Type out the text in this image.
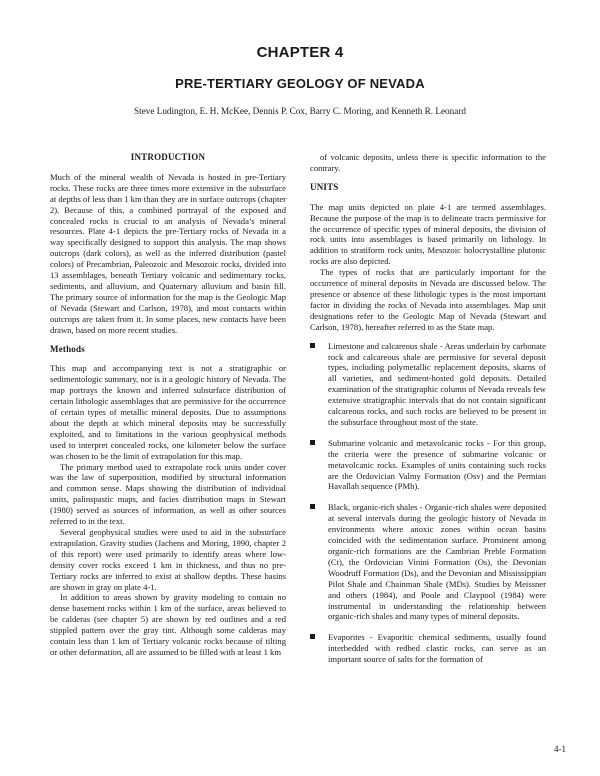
CHAPTER 4
PRE-TERTIARY GEOLOGY OF NEVADA
Steve Ludington, E. H. McKee, Dennis P. Cox, Barry C. Moring, and Kenneth R. Leonard
INTRODUCTION

Much of the mineral wealth of Nevada is hosted in pre-Tertiary rocks. These rocks are three times more extensive in the subsurface at depths of less than 1 km than they are in surface outcrops (chapter 2). Because of this, a combined portrayal of the exposed and concealed rocks is crucial to an analysis of Nevada’s mineral resources. Plate 4-1 depicts the pre-Tertiary rocks of Nevada in a way specifically designed to support this analysis. The map shows outcrops (dark colors), as well as the inferred distribution (pastel colors) of Precambrian, Paleozoic and Mesozoic rocks, divided into 13 assemblages, beneath Tertiary volcanic and sedimentary rocks, sediments, and alluvium, and Quaternary alluvium and basin fill. The primary source of information for the map is the Geologic Map of Nevada (Stewart and Carlson, 1978), and most contacts within outcrops are taken from it. In some places, new contacts have been drawn, based on more recent studies.

Methods

This map and accompanying text is not a stratigraphic or sedimentologic summary, nor is it a geologic history of Nevada. The map portrays the known and inferred subsurface distribution of certain lithologic assemblages that are permissive for the occurrence of certain types of metallic mineral deposits. Due to assumptions about the depth at which mineral deposits may be successfully exploited, and to limitations in the various geophysical methods used to interpret concealed rocks, one kilometer below the surface was chosen to be the limit of extrapolation for this map.

The primary method used to extrapolate rock units under cover was the law of superposition, modified by structural information and common sense. Maps showing the distribution of individual units, palinspastic maps, and facies distribution maps in Stewart (1980) served as sources of information, as well as other sources referred to in the text.

Several geophysical studies were used to aid in the subsurface extrapolation. Gravity studies (Jachens and Moring, 1990, chapter 2 of this report) were used primarily to identify areas where low-density cover rocks exceed 1 km in thickness, and thus no pre-Tertiary rocks are inferred to exist at shallow depths. These basins are shown in gray on plate 4-1.

In addition to areas shown by gravity modeling to contain no dense basement rocks within 1 km of the surface, areas believed to be calderas (see chapter 5) are shown by red outlines and a red stippled pattern over the gray tint. Although some calderas may contain less than 1 km of Tertiary volcanic rocks because of tilting or other deformation, all are assumed to be filled with at least 1 km

of volcanic deposits, unless there is specific information to the contrary.

UNITS

The map units depicted on plate 4-1 are termed assemblages. Because the purpose of the map is to delineate tracts permissive for the occurrence of specific types of mineral deposits, the division of rock units into assemblages is based primarily on lithology. In addition to stratiform rock units, Mesozoic holocrystalline plutonic rocks are also depicted.

The types of rocks that are particularly important for the occurrence of mineral deposits in Nevada are discussed below. The presence or absence of these lithologic types is the most important factor in dividing the rocks of Nevada into assemblages. Map unit designations refer to the Geologic Map of Nevada (Stewart and Carlson, 1978), hereafter referred to as the State map.

Limestone and calcareous shale - Areas underlain by carbonate rock and calcareous shale are permissive for several deposit types, including polymetallic replacement deposits, skarns of all varieties, and sediment-hosted gold deposits. Detailed examination of the stratigraphic column of Nevada reveals few extensive stratigraphic intervals that do not contain significant calcareous rocks, and such rocks are believed to be present in the subsurface throughout most of the state.
Submarine volcanic and metavolcanic rocks - For this group, the criteria were the presence of submarine volcanic or metavolcanic rocks. Examples of units containing such rocks are the Ordovician Valmy Formation (Osv) and the Permian Havallah sequence (PMh).
Black, organic-rich shales - Organic-rich shales were deposited at several intervals during the geologic history of Nevada in environments where anoxic zones within ocean basins coincided with the sedimentation surface. Prominent among organic-rich formations are the Cambrian Preble Formation (Ct), the Ordovician Vinini Formation (Os), the Devonian Woodruff Formation (Ds), and the Devonian and Mississippian Pilot Shale and Chainman Shale (MDs). Studies by Meissner and others (1984), and Poole and Claypool (1984) were instrumental in understanding the relationship between organic-rich shales and many types of mineral deposits.
Evaporites - Evaporitic chemical sediments, usually found interbedded with redbed clastic rocks, can serve as an important source of salts for the formation of
4-1
